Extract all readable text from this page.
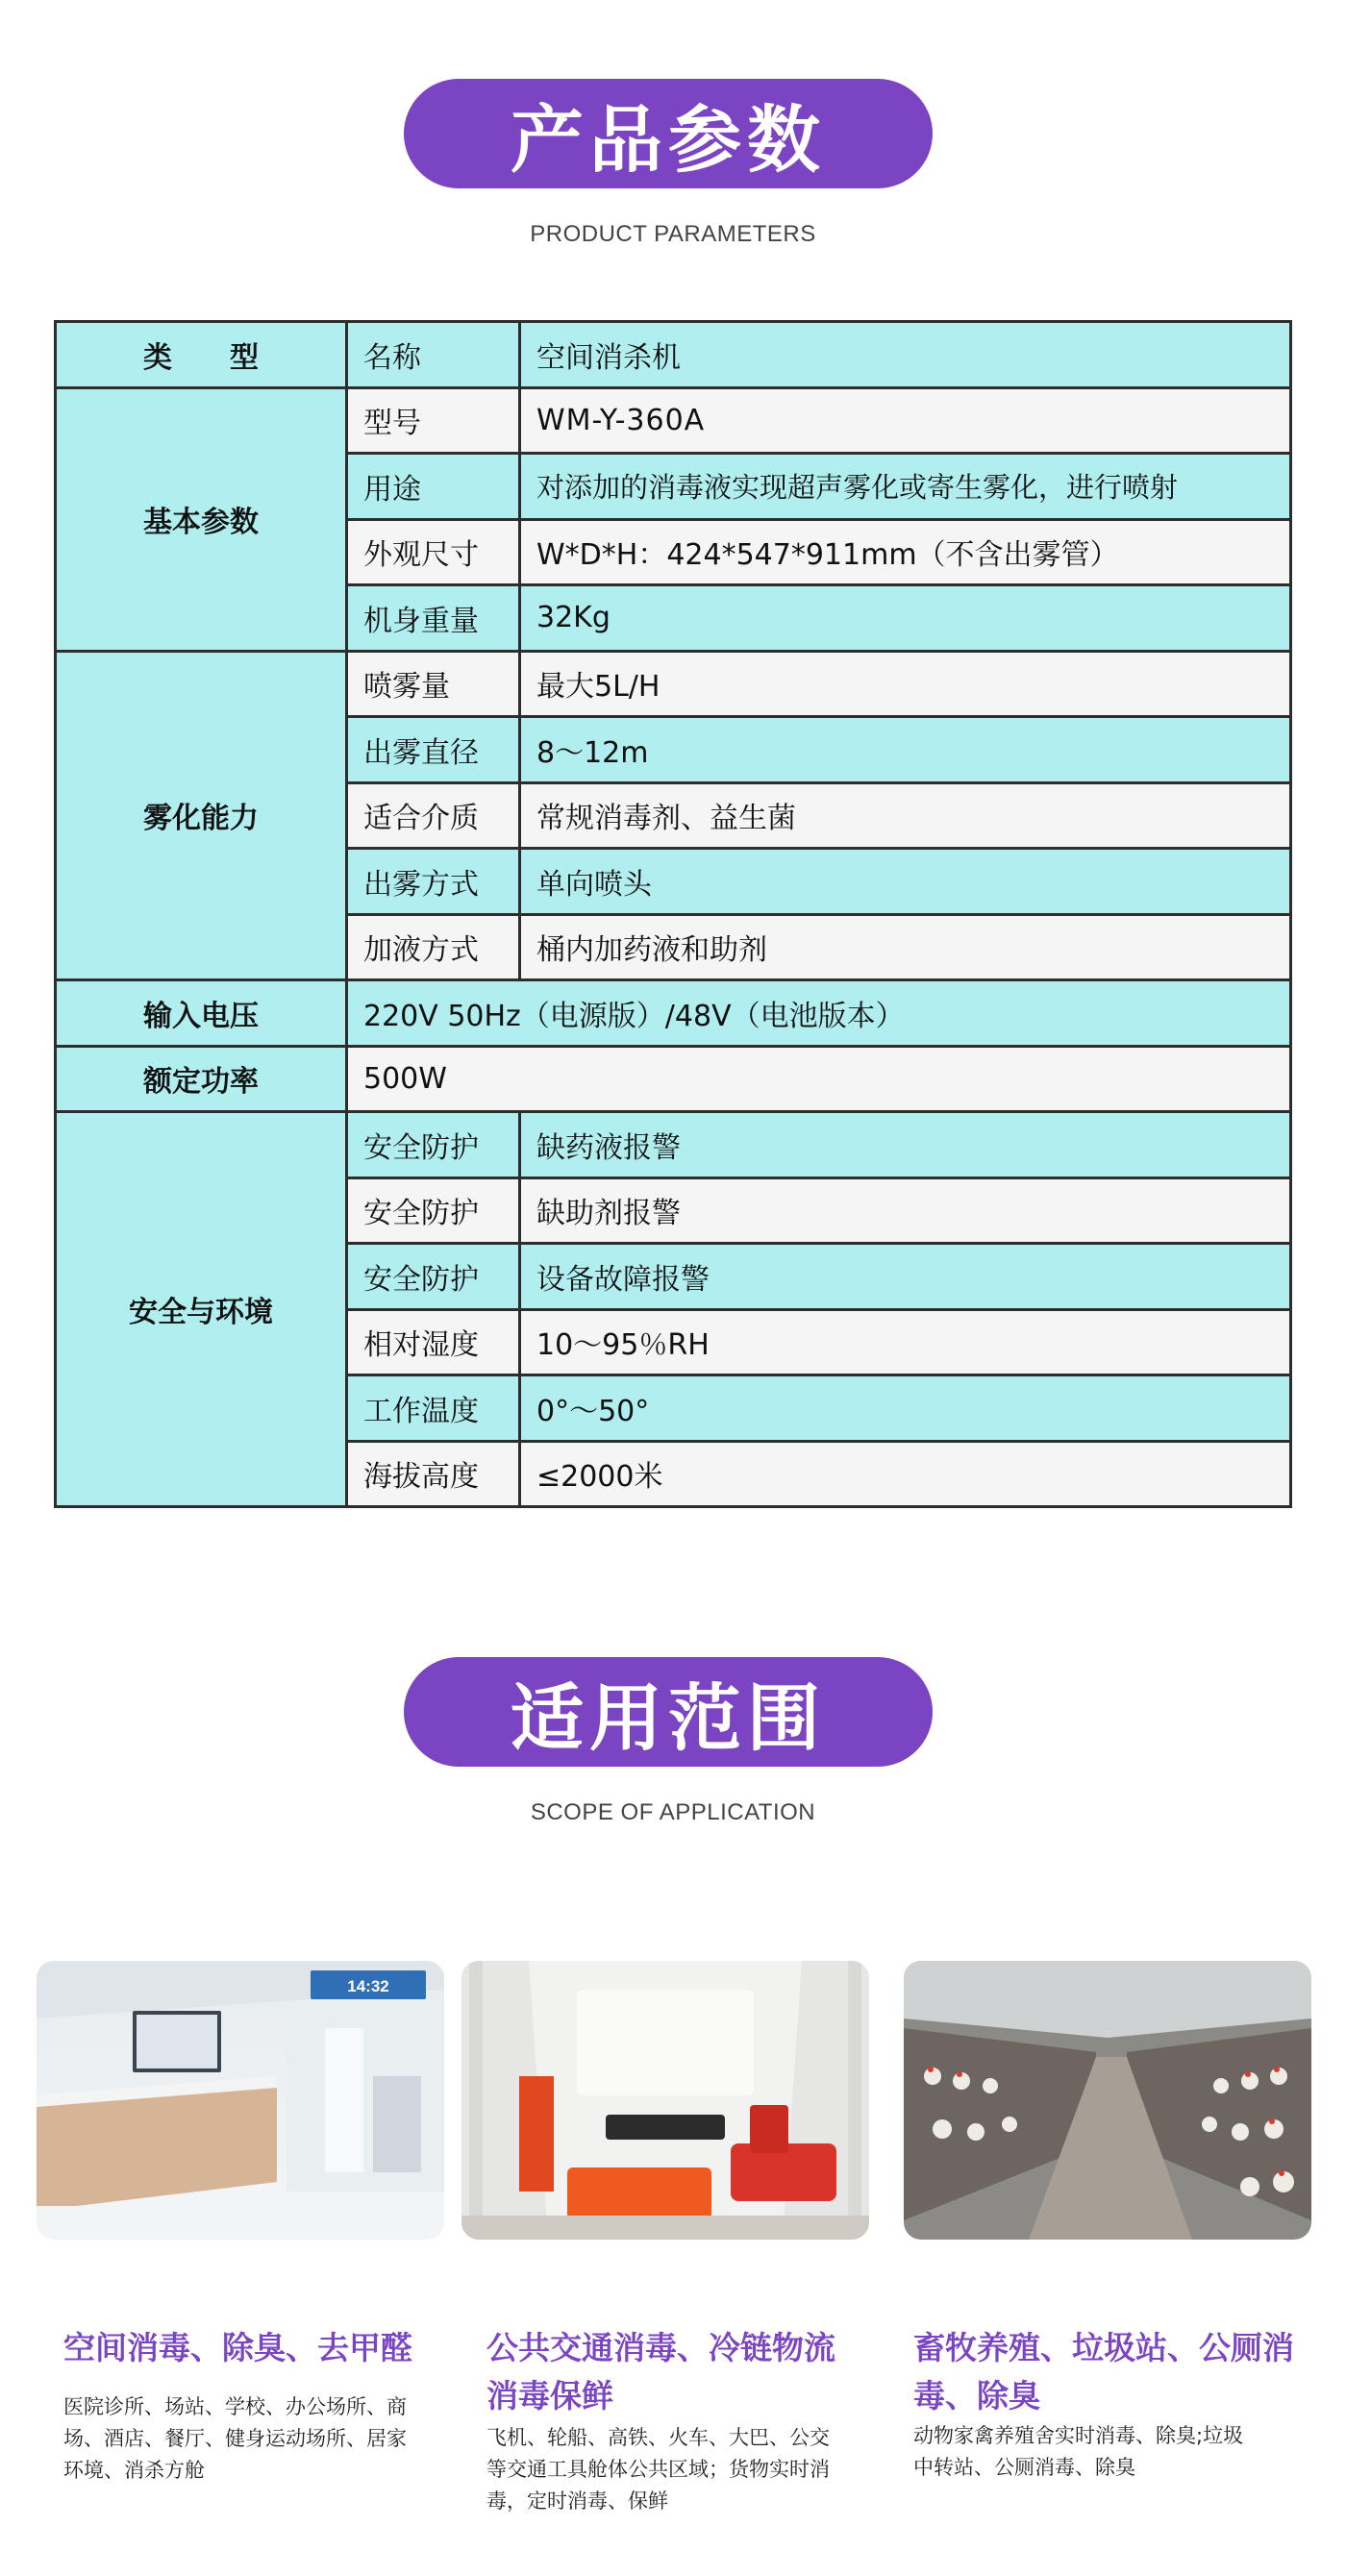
产品参数
PRODUCT PARAMETERS
类　　型	名称	空间消杀机
基本参数	型号	WM-Y-360A
	用途	对添加的消毒液实现超声雾化或寄生雾化，进行喷射
	外观尺寸	W*D*H：424*547*911mm（不含出雾管）
	机身重量	32Kg
雾化能力	喷雾量	最大5L/H
	出雾直径	8～12m
	适合介质	常规消毒剂、益生菌
	出雾方式	单向喷头
	加液方式	桶内加药液和助剂
输入电压	220V 50Hz（电源版）/48V（电池版本）	
额定功率	500W	
安全与环境	安全防护	缺药液报警
	安全防护	缺助剂报警
	安全防护	设备故障报警
	相对湿度	10～95％RH
	工作温度	0°～50°
	海拔高度	≤2000米
适用范围
SCOPE OF APPLICATION
14:32
空间消毒、除臭、去甲醛
医院诊所、场站、学校、办公场所、商
场、酒店、餐厅、健身运动场所、居家
环境、消杀方舱
公共交通消毒、冷链物流
消毒保鲜
飞机、轮船、高铁、火车、大巴、公交
等交通工具舱体公共区域；货物实时消
毒，定时消毒、保鲜
畜牧养殖、垃圾站、公厕消
毒、除臭
动物家禽养殖舍实时消毒、除臭;垃圾
中转站、公厕消毒、除臭
